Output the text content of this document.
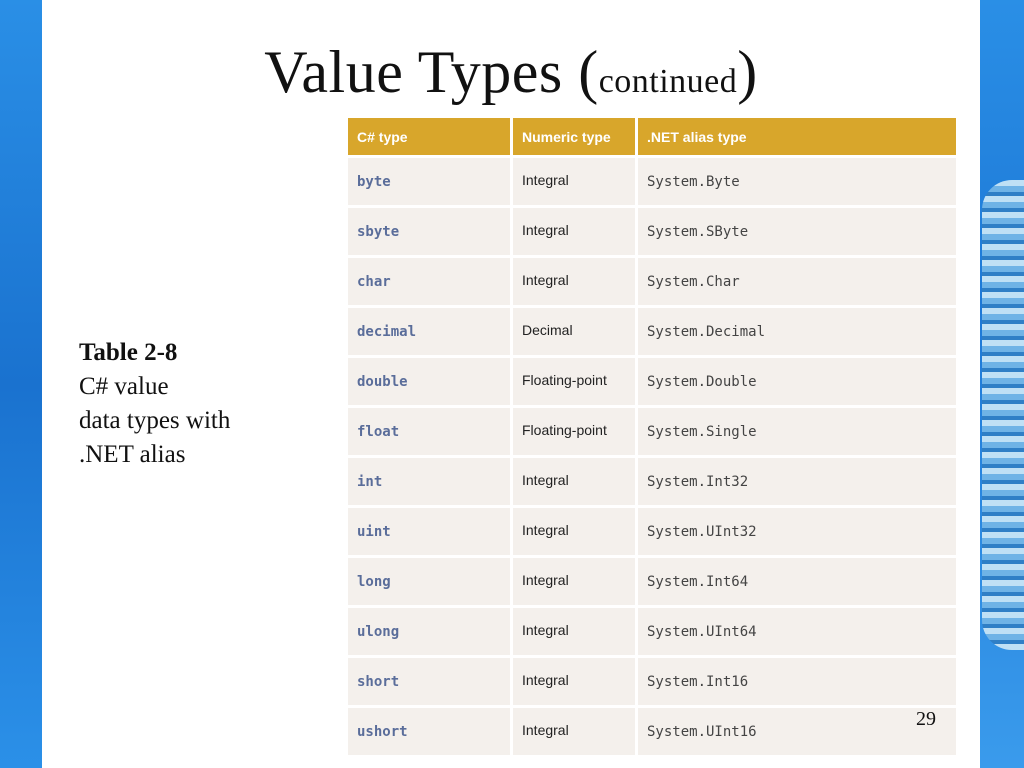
Value Types (continued)
Table 2-8
C# value
data types with
.NET alias
C# type	Numeric type	.NET alias type
byte	Integral	System.Byte
sbyte	Integral	System.SByte
char	Integral	System.Char
decimal	Decimal	System.Decimal
double	Floating-point	System.Double
float	Floating-point	System.Single
int	Integral	System.Int32
uint	Integral	System.UInt32
long	Integral	System.Int64
ulong	Integral	System.UInt64
short	Integral	System.Int16
ushort	Integral	System.UInt16
29
